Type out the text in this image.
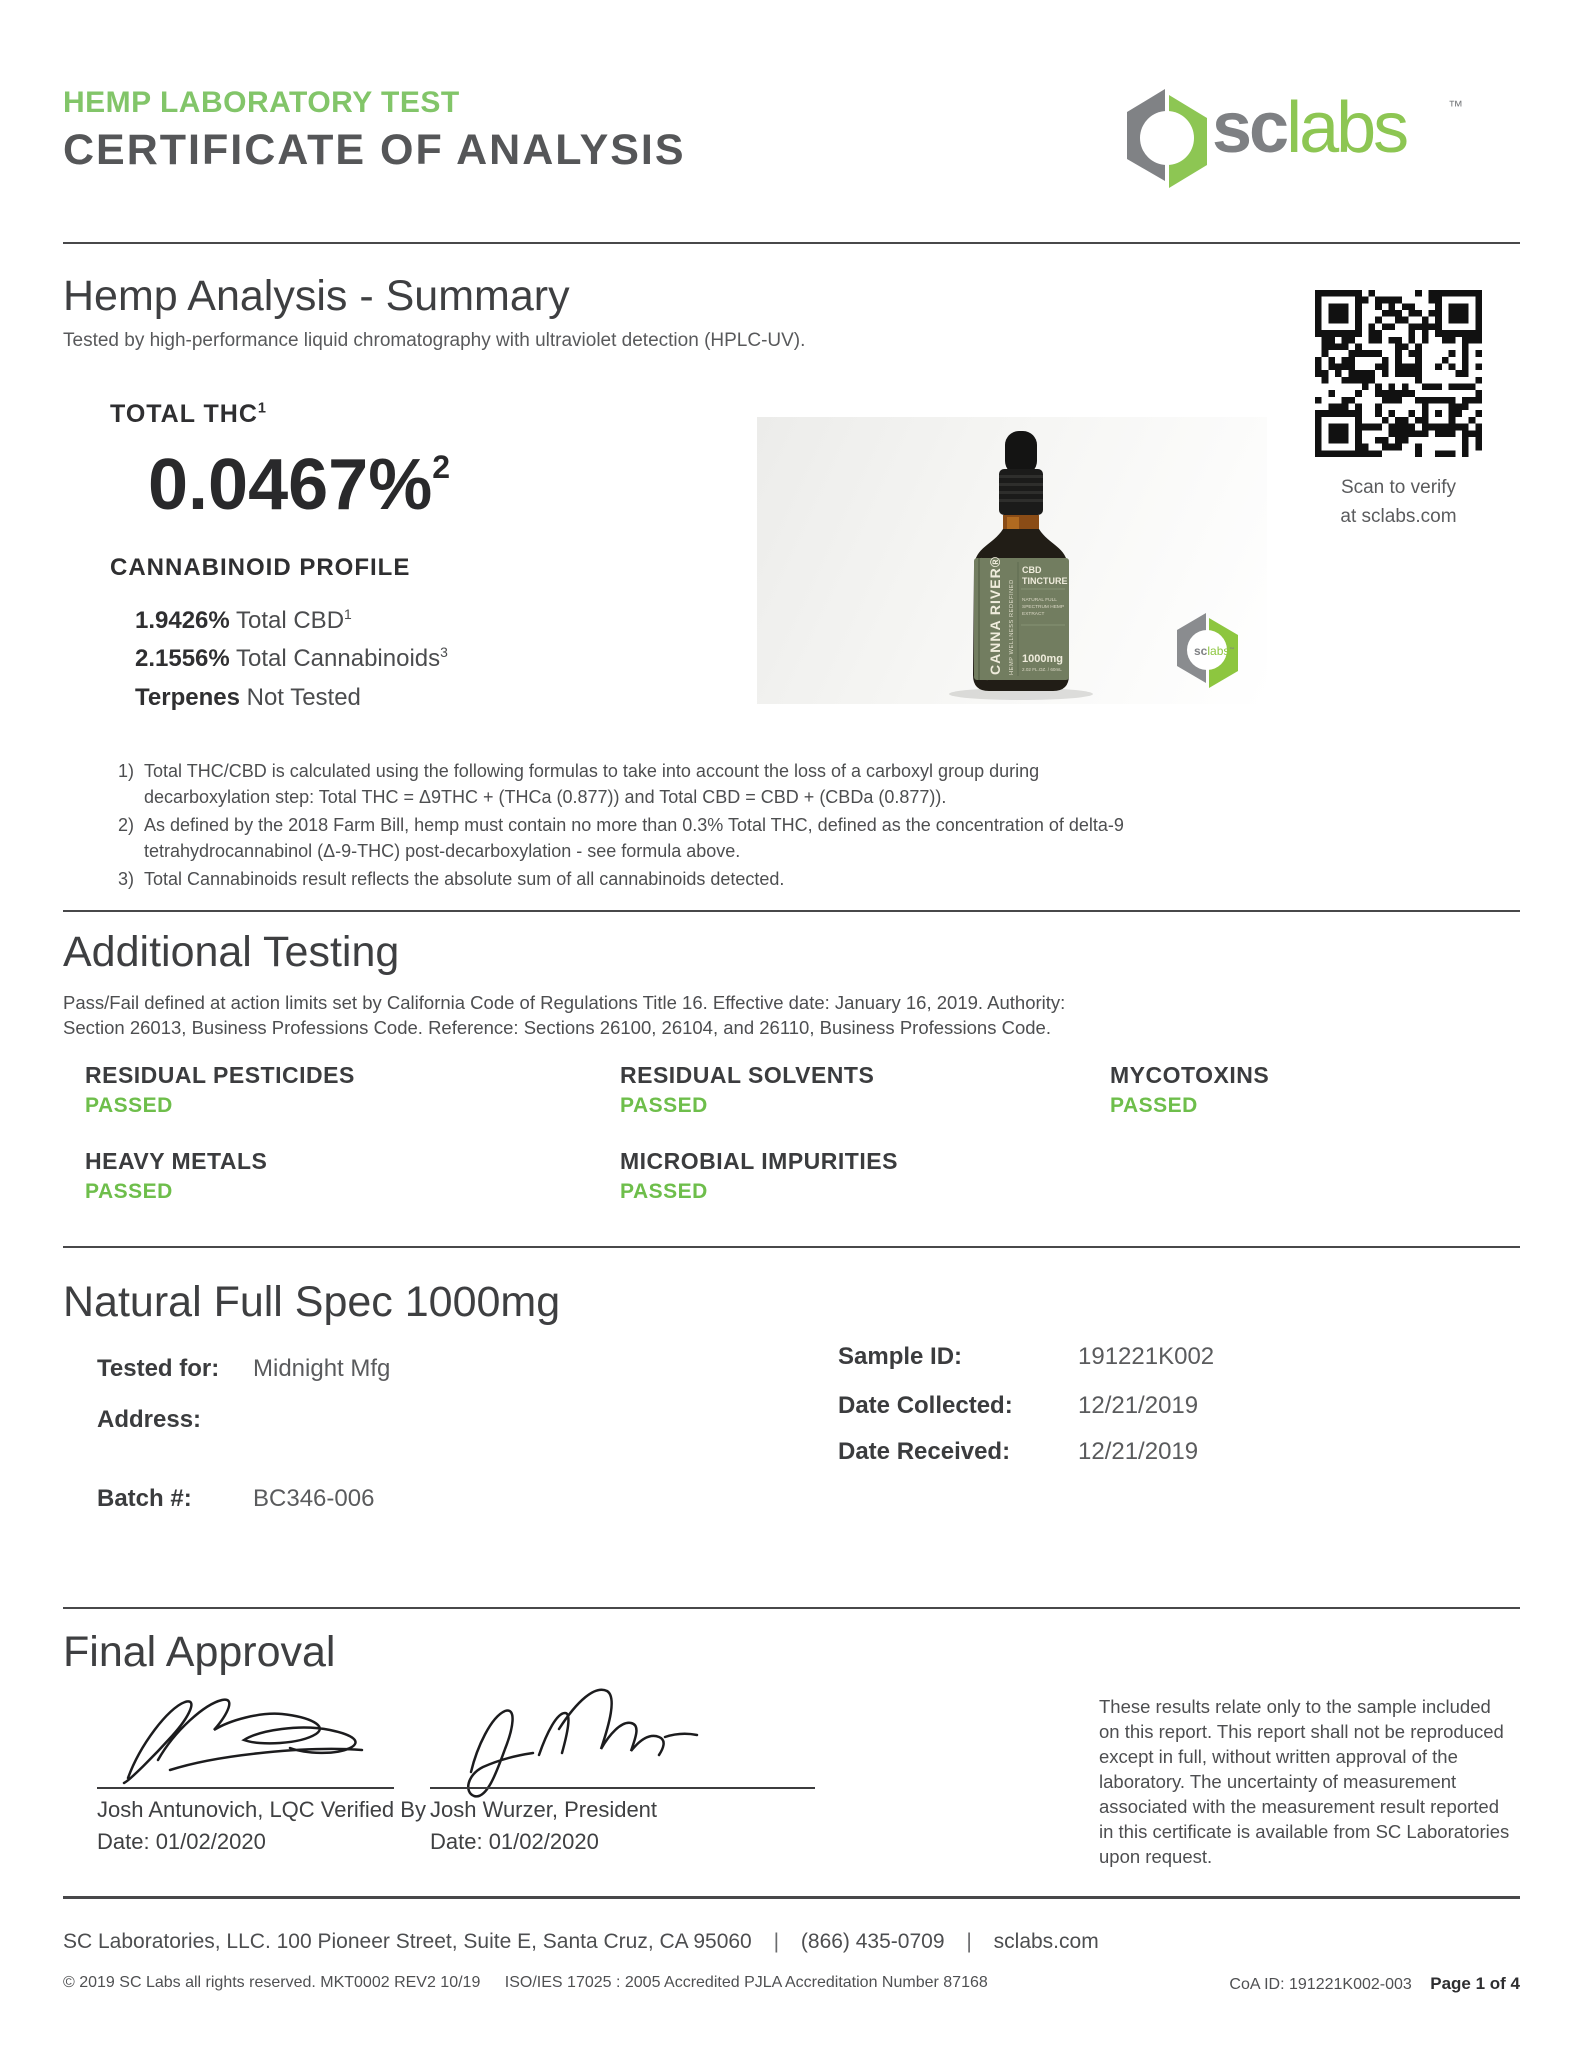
HEMP LABORATORY TEST
CERTIFICATE OF ANALYSIS	sclabs	™
Hemp Analysis - Summary
Tested by high-performance liquid chromatography with ultraviolet detection (HPLC-UV).
TOTAL THC$^1$
0.0467%$^2$
CANNABINOID PROFILE
1.9426% Total CBD$^1$
2.1556% Total Cannabinoids$^3$
Terpenes Not Tested
CANNA RIVER® HEMP WELLNESS REDEFINED
CBD
TINCTURE
NATURAL FULL
SPECTRUM HEMP
EXTRACT
1000mg
2.02 FL.OZ. / 60mL
sclabs™
Scan to verify
at sclabs.com
1) Total THC/CBD is calculated using the following formulas to take into account the loss of a carboxyl group during decarboxylation step: Total THC = Δ9THC + (THCa (0.877)) and Total CBD = CBD + (CBDa (0.877)).
2) As defined by the 2018 Farm Bill, hemp must contain no more than 0.3% Total THC, defined as the concentration of delta-9 tetrahydrocannabinol (Δ-9-THC) post-decarboxylation - see formula above.
3) Total Cannabinoids result reflects the absolute sum of all cannabinoids detected.
Additional Testing
Pass/Fail defined at action limits set by California Code of Regulations Title 16. Effective date: January 16, 2019. Authority: Section 26013, Business Professions Code. Reference: Sections 26100, 26104, and 26110, Business Professions Code.
RESIDUAL PESTICIDES
PASSED
RESIDUAL SOLVENTS
PASSED
MYCOTOXINS
PASSED
HEAVY METALS
PASSED
MICROBIAL IMPURITIES
PASSED
Natural Full Spec 1000mg
Tested for: Midnight Mfg
Address:
Batch #:	BC346-006
Sample ID:	191221K002
Date Collected:	12/21/2019
Date Received:	12/21/2019
Final Approval
Josh Antunovich, LQC Verified By
Date: 01/02/2020
Josh Wurzer, President
Date: 01/02/2020
These results relate only to the sample included on this report. This report shall not be reproduced except in full, without written approval of the laboratory. The uncertainty of measurement associated with the measurement result reported in this certificate is available from SC Laboratories upon request.
SC Laboratories, LLC. 100 Pioneer Street, Suite E, Santa Cruz, CA 95060 | (866) 435-0709 | sclabs.com
© 2019 SC Labs all rights reserved. MKT0002 REV2 10/19 ISO/IES 17025 : 2005 Accredited PJLA Accreditation Number 87168	CoA ID: 191221K002-003 Page 1 of 4
